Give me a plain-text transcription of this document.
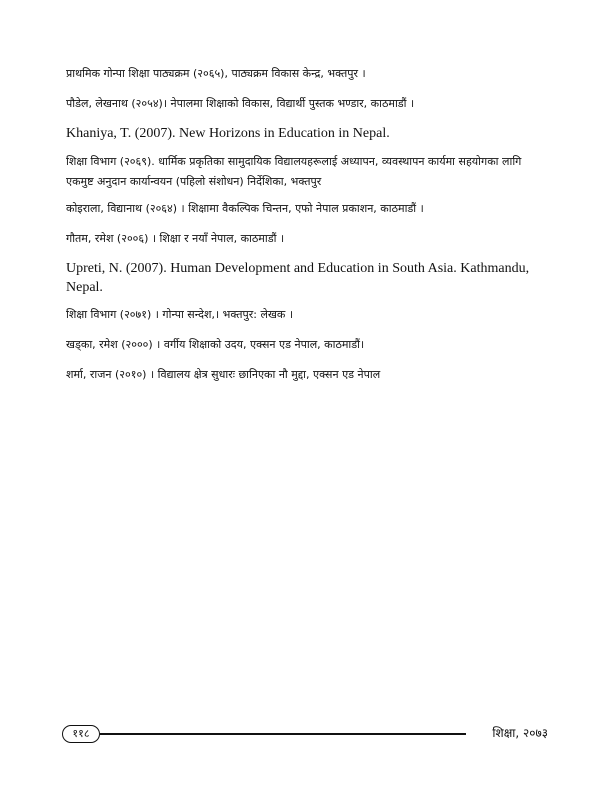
प्राथमिक गोन्पा शिक्षा पाठ्यक्रम (२०६५), पाठ्यक्रम विकास केन्द्र, भक्तपुर ।

पौडेल, लेखनाथ (२०५४)। नेपालमा शिक्षाको विकास, विद्यार्थी पुस्तक भण्डार, काठमाडौं ।

Khaniya, T. (2007). New Horizons in Education in Nepal.

शिक्षा विभाग (२०६९). धार्मिक प्रकृतिका सामुदायिक विद्यालयहरूलाई अध्यापन, व्यवस्थापन कार्यमा सहयोगका लागि एकमुष्ट अनुदान कार्यान्वयन (पहिलो संशोधन) निर्देशिका, भक्तपुर

कोइराला, विद्यानाथ (२०६४) । शिक्षामा वैकल्पिक चिन्तन, एफो नेपाल प्रकाशन, काठमाडौं ।

गौतम, रमेश (२००६) । शिक्षा र नयाँ नेपाल, काठमाडौं ।

Upreti, N. (2007). Human Development and Education in South Asia. Kathmandu, Nepal.

शिक्षा विभाग (२०७१) । गोन्पा सन्देश,। भक्तपुर: लेखक ।

खड्का, रमेश (२०००) । वर्गीय शिक्षाको उदय, एक्सन एड नेपाल, काठमाडौं।

शर्मा, राजन (२०१०) । विद्यालय क्षेत्र सुधारः छानिएका नौ मुद्दा, एक्सन एड नेपाल

११८	शिक्षा, २०७३
